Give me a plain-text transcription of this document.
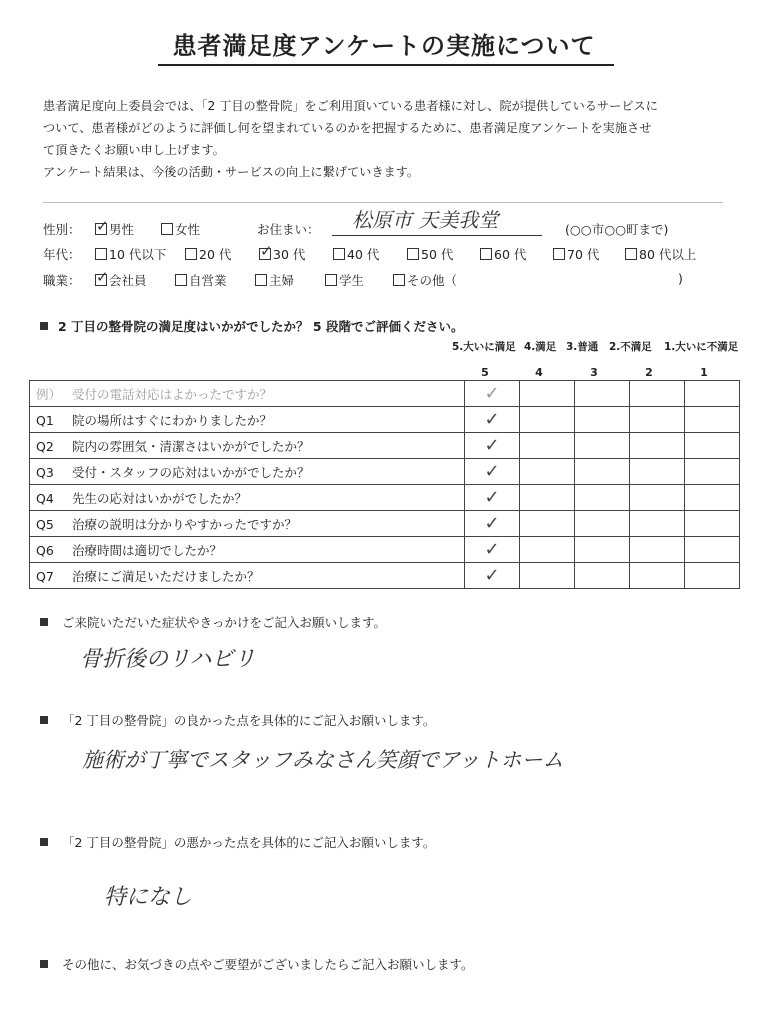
患者満足度アンケートの実施について

患者満足度向上委員会では、「2 丁目の整骨院」をご利用頂いている患者様に対し、院が提供しているサービスに

ついて、患者様がどのように評価し何を望まれているのかを把握するために、患者満足度アンケートを実施させ

て頂きたくお願い申し上げます。

アンケート結果は、今後の活動・サービスの向上に繋げていきます。

性別： ✓	男性	女性	お住まい：	(○○市○○町まで)
松原市 天美我堂
年代：	10 代以下	20 代 ✓	30 代	40 代	50 代	60 代	70 代	80 代以上
職業： ✓	会社員	自営業	主婦	学生	その他（	)
2 丁目の整骨院の満足度はいかがでしたか？ 5 段階でご評価ください。
5.大いに満足 4.満足 3.普通 2.不満足 1.大いに不満足
5	4	3	2	1
例） 受付の電話対応はよかったですか？	✓				
Q1 院の場所はすぐにわかりましたか？	✓				
Q2 院内の雰囲気・清潔さはいかがでしたか？	✓				
Q3 受付・スタッフの応対はいかがでしたか？	✓				
Q4 先生の応対はいかがでしたか？	✓				
Q5 治療の説明は分かりやすかったですか？	✓				
Q6 治療時間は適切でしたか？	✓				
Q7 治療にご満足いただけましたか？	✓				
ご来院いただいた症状やきっかけをご記入お願いします。
骨折後のリハビリ
「2 丁目の整骨院」の良かった点を具体的にご記入お願いします。
施術が丁寧でスタッフみなさん笑顔でアットホーム
「2 丁目の整骨院」の悪かった点を具体的にご記入お願いします。
特になし
その他に、お気づきの点やご要望がございましたらご記入お願いします。
